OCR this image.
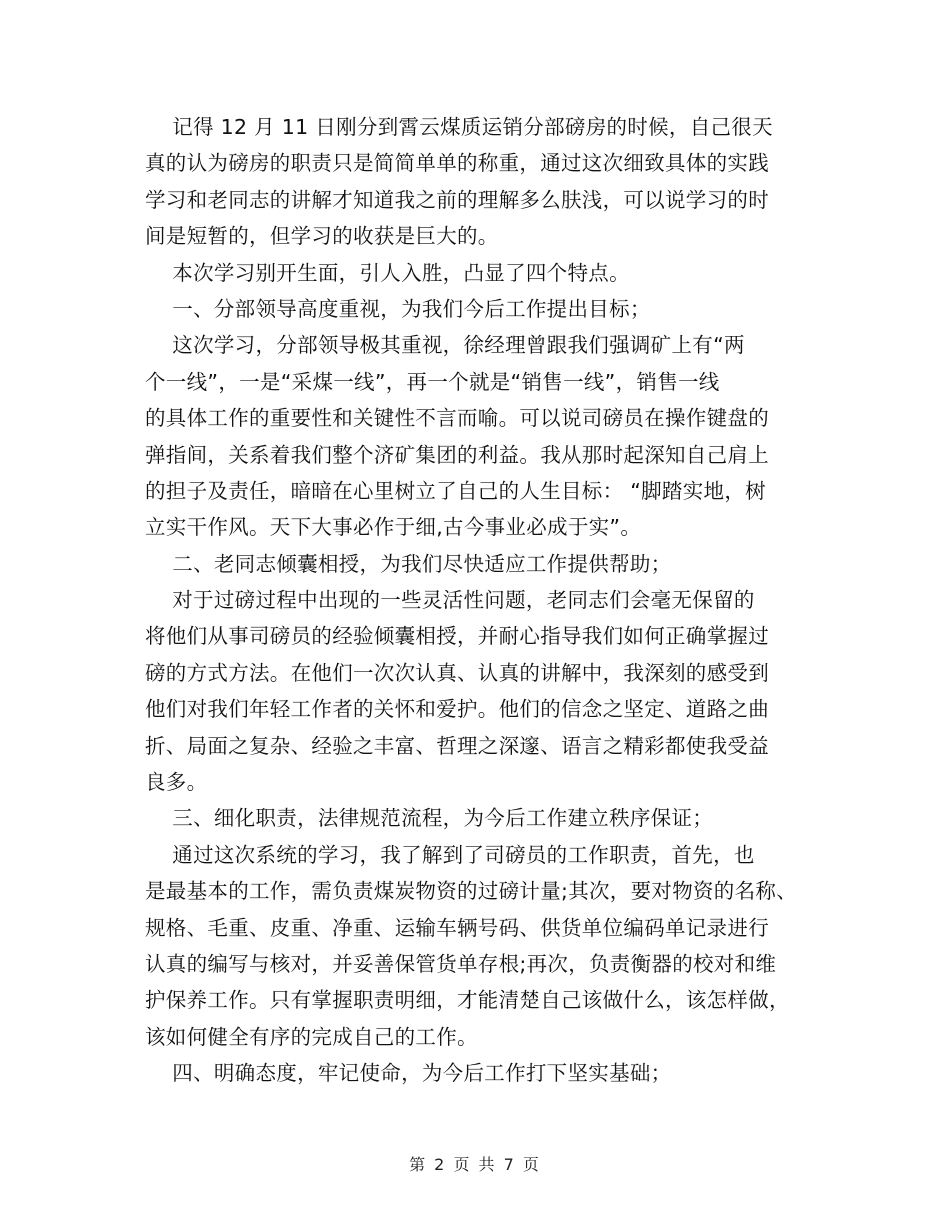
记得 12 月 11 日刚分到霄云煤质运销分部磅房的时候，自己很天
真的认为磅房的职责只是简简单单的称重，通过这次细致具体的实践
学习和老同志的讲解才知道我之前的理解多么肤浅，可以说学习的时
间是短暂的，但学习的收获是巨大的。
本次学习别开生面，引人入胜，凸显了四个特点。
一、分部领导高度重视，为我们今后工作提出目标；
这次学习，分部领导极其重视，徐经理曾跟我们强调矿上有“两
个一线”，一是“采煤一线”，再一个就是“销售一线”，销售一线
的具体工作的重要性和关键性不言而喻。可以说司磅员在操作键盘的
弹指间，关系着我们整个济矿集团的利益。我从那时起深知自己肩上
的担子及责任，暗暗在心里树立了自己的人生目标： “脚踏实地，树
立实干作风。天下大事必作于细,古今事业必成于实”。
二、老同志倾囊相授，为我们尽快适应工作提供帮助；
对于过磅过程中出现的一些灵活性问题，老同志们会毫无保留的
将他们从事司磅员的经验倾囊相授，并耐心指导我们如何正确掌握过
磅的方式方法。在他们一次次认真、认真的讲解中，我深刻的感受到
他们对我们年轻工作者的关怀和爱护。他们的信念之坚定、道路之曲
折、局面之复杂、经验之丰富、哲理之深邃、语言之精彩都使我受益
良多。
三、细化职责，法律规范流程，为今后工作建立秩序保证；
通过这次系统的学习，我了解到了司磅员的工作职责，首先，也
是最基本的工作，需负责煤炭物资的过磅计量;其次，要对物资的名称、
规格、毛重、皮重、净重、运输车辆号码、供货单位编码单记录进行
认真的编写与核对，并妥善保管货单存根;再次，负责衡器的校对和维
护保养工作。只有掌握职责明细，才能清楚自己该做什么，该怎样做，
该如何健全有序的完成自己的工作。
四、明确态度，牢记使命，为今后工作打下坚实基础；
第 2 页 共 7 页
